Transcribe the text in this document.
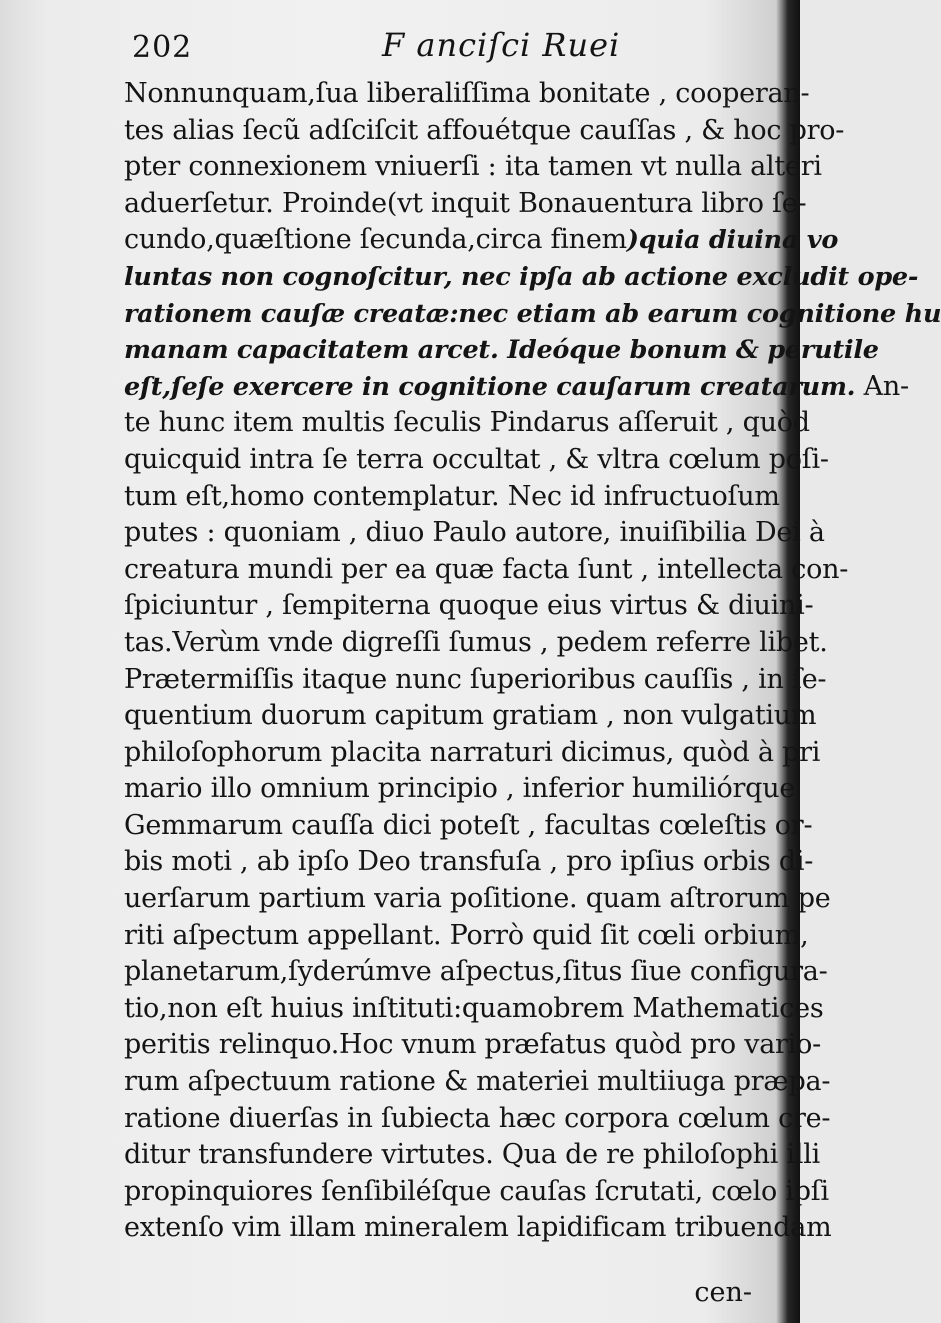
202	F anciſci Ruei
Nonnunquam,ſua liberaliſſima bonitate , cooperan-
tes alias ſecũ adſciſcit affouétque cauſſas , & hoc pro-
pter connexionem vniuerſi : ita tamen vt nulla alteri
aduerſetur. Proinde(vt inquit Bonauentura libro ſe-
cundo,quæſtione ſecunda,circa finem)quia diuina vo
luntas non cognoſcitur, nec ipſa ab actione excludit ope-
rationem cauſæ creatæ:nec etiam ab earum cognitione hu
manam capacitatem arcet. Ideóque bonum & perutile
eſt,ſeſe exercere in cognitione cauſarum creatarum. An-
te hunc item multis ſeculis Pindarus aſſeruit , quòd
quicquid intra ſe terra occultat , & vltra cœlum poſi-
tum eſt,homo contemplatur. Nec id infructuoſum
putes : quoniam , diuo Paulo autore, inuiſibilia Dei à
creatura mundi per ea quæ facta ſunt , intellecta con-
ſpiciuntur , ſempiterna quoque eius virtus & diuini-
tas.Verùm vnde digreſſi ſumus , pedem referre libet.
Prætermiſſis itaque nunc ſuperioribus cauſſis , in ſe-
quentium duorum capitum gratiam , non vulgatium
philoſophorum placita narraturi dicimus, quòd à pri
mario illo omnium principio , inferior humiliórque
Gemmarum cauſſa dici poteſt , facultas cœleſtis or-
bis moti , ab ipſo Deo transfuſa , pro ipſius orbis di-
uerſarum partium varia poſitione. quam aſtrorum pe
riti aſpectum appellant. Porrò quid ſit cœli orbium,
planetarum,ſyderúmve aſpectus,ſitus ſiue configura-
tio,non eſt huius inſtituti:quamobrem Mathematices
peritis relinquo.Hoc vnum præfatus quòd pro vario-
rum aſpectuum ratione & materiei multiiuga præpa-
ratione diuerſas in ſubiecta hæc corpora cœlum cre-
ditur transfundere virtutes. Qua de re philoſophi illi
propinquiores ſenſibiléſque cauſas ſcrutati, cœlo ipſi
extenſo vim illam mineralem lapidificam tribuendam
cen-
